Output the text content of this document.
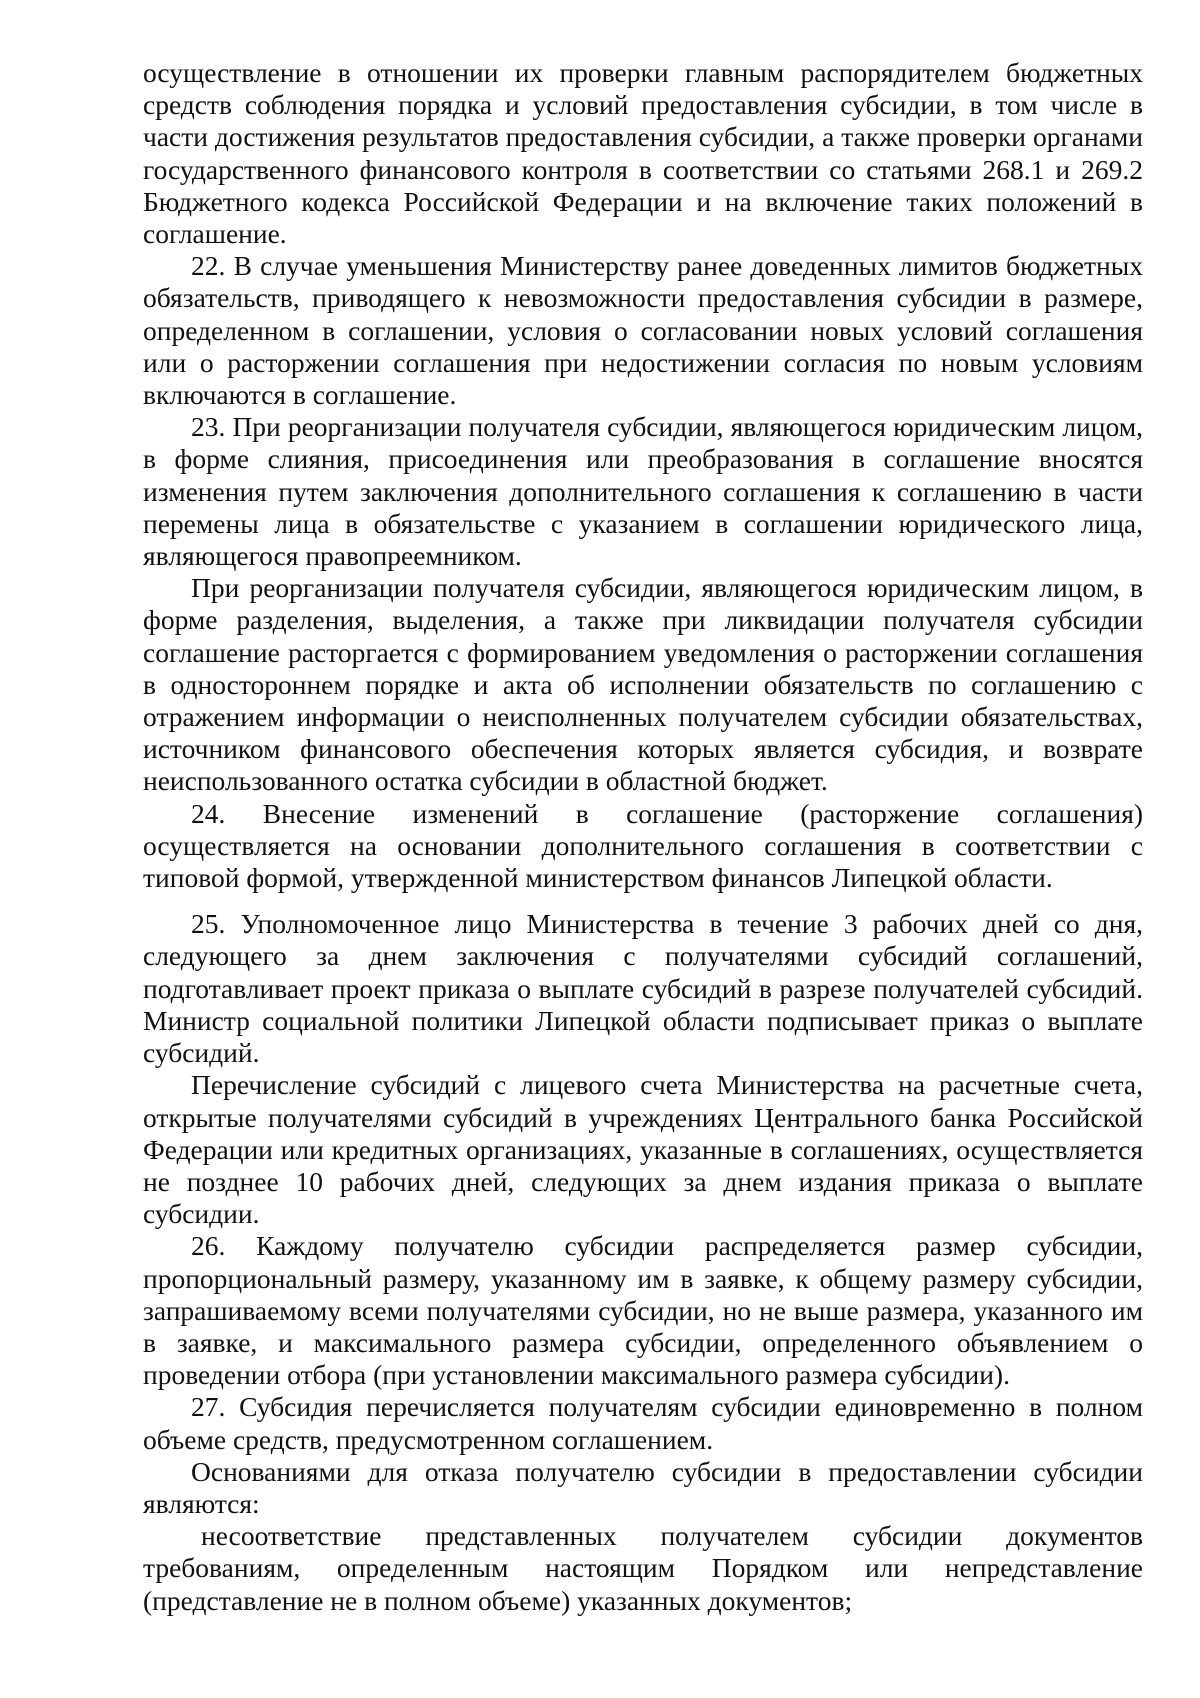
осуществление в отношении их проверки главным распорядителем бюджетных средств соблюдения порядка и условий предоставления субсидии, в том числе в части достижения результатов предоставления субсидии, а также проверки органами государственного финансового контроля в соответствии со статьями 268.1 и 269.2 Бюджетного кодекса Российской Федерации и на включение таких положений в соглашение.

22. В случае уменьшения Министерству ранее доведенных лимитов бюджетных обязательств, приводящего к невозможности предоставления субсидии в размере, определенном в соглашении, условия о согласовании новых условий соглашения или о расторжении соглашения при недостижении согласия по новым условиям включаются в соглашение.

23. При реорганизации получателя субсидии, являющегося юридическим лицом, в форме слияния, присоединения или преобразования в соглашение вносятся изменения путем заключения дополнительного соглашения к соглашению в части перемены лица в обязательстве с указанием в соглашении юридического лица, являющегося правопреемником.

При реорганизации получателя субсидии, являющегося юридическим лицом, в форме разделения, выделения, а также при ликвидации получателя субсидии соглашение расторгается с формированием уведомления о расторжении соглашения в одностороннем порядке и акта об исполнении обязательств по соглашению с отражением информации о неисполненных получателем субсидии обязательствах, источником финансового обеспечения которых является субсидия, и возврате неиспользованного остатка субсидии в областной бюджет.

24. Внесение изменений в соглашение (расторжение соглашения) осуществляется на основании дополнительного соглашения в соответствии с типовой формой, утвержденной министерством финансов Липецкой области.

25. Уполномоченное лицо Министерства в течение 3 рабочих дней со дня, следующего за днем заключения с получателями субсидий соглашений, подготавливает проект приказа о выплате субсидий в разрезе получателей субсидий. Министр социальной политики Липецкой области подписывает приказ о выплате субсидий.

Перечисление субсидий с лицевого счета Министерства на расчетные счета, открытые получателями субсидий в учреждениях Центрального банка Российской Федерации или кредитных организациях, указанные в соглашениях, осуществляется не позднее 10 рабочих дней, следующих за днем издания приказа о выплате субсидии.

26. Каждому получателю субсидии распределяется размер субсидии, пропорциональный размеру, указанному им в заявке, к общему размеру субсидии, запрашиваемому всеми получателями субсидии, но не выше размера, указанного им в заявке, и максимального размера субсидии, определенного объявлением о проведении отбора (при установлении максимального размера субсидии).

27. Субсидия перечисляется получателям субсидии единовременно в полном объеме средств, предусмотренном соглашением.

Основаниями для отказа получателю субсидии в предоставлении субсидии являются:

несоответствие представленных получателем субсидии документов требованиям, определенным настоящим Порядком или непредставление (представление не в полном объеме) указанных документов;
